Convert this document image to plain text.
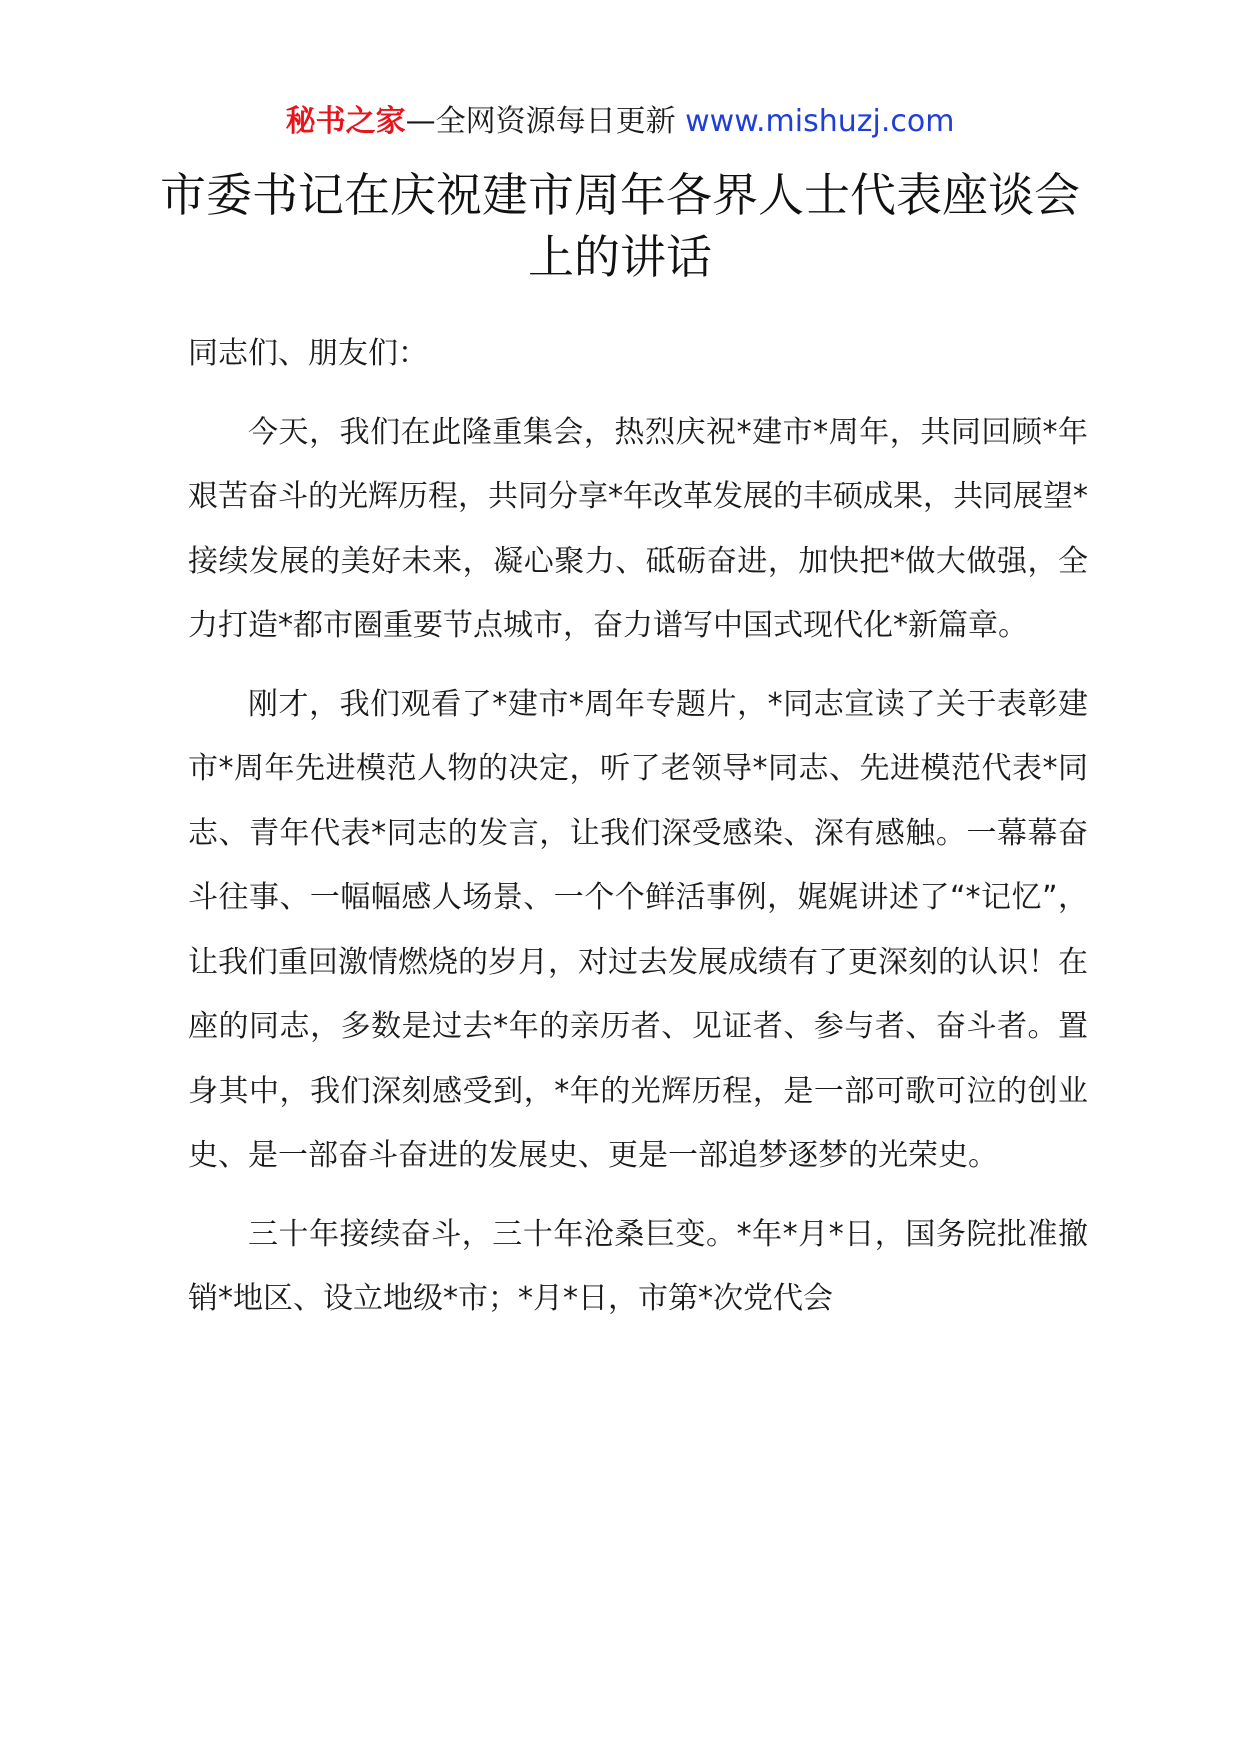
秘书之家—全网资源每日更新 www.mishuzj.com
市委书记在庆祝建市周年各界人士代表座谈会上的讲话

同志们、朋友们：

今天，我们在此隆重集会，热烈庆祝*建市*周年，共同回顾*年艰苦奋斗的光辉历程，共同分享*年改革发展的丰硕成果，共同展望*接续发展的美好未来，凝心聚力、砥砺奋进，加快把*做大做强，全力打造*都市圈重要节点城市，奋力谱写中国式现代化*新篇章。

刚才，我们观看了*建市*周年专题片，*同志宣读了关于表彰建市*周年先进模范人物的决定，听了老领导*同志、先进模范代表*同志、青年代表*同志的发言，让我们深受感染、深有感触。一幕幕奋斗往事、一幅幅感人场景、一个个鲜活事例，娓娓讲述了“*记忆”，让我们重回激情燃烧的岁月，对过去发展成绩有了更深刻的认识！在座的同志，多数是过去*年的亲历者、见证者、参与者、奋斗者。置身其中，我们深刻感受到，*年的光辉历程，是一部可歌可泣的创业史、是一部奋斗奋进的发展史、更是一部追梦逐梦的光荣史。

三十年接续奋斗，三十年沧桑巨变。*年*月*日，国务院批准撤销*地区、设立地级*市；*月*日，市第*次党代会
